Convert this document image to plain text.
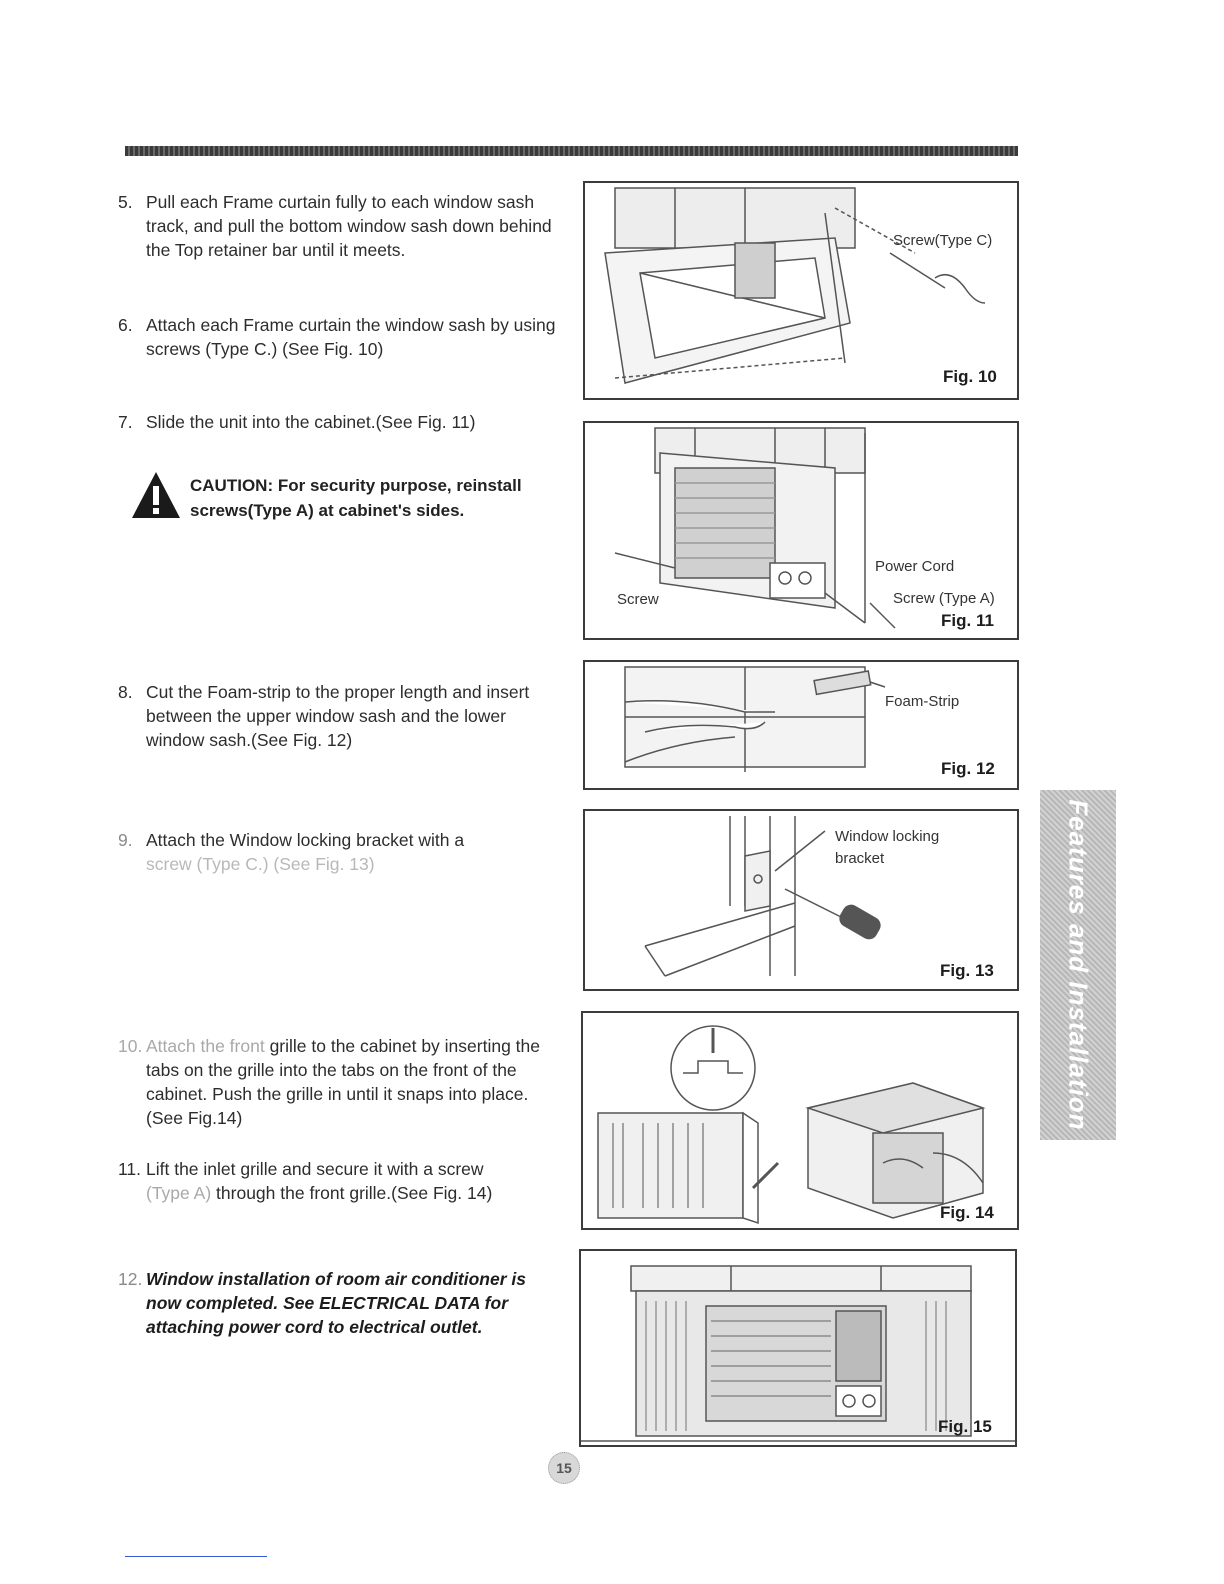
5. Pull each Frame curtain fully to each window sash track, and pull the bottom window sash down behind the Top retainer bar until it meets.
6. Attach each Frame curtain the window sash by using screws (Type C.) (See Fig. 10)
7. Slide the unit into the cabinet.(See Fig. 11)
CAUTION: For security purpose, reinstall screws(Type A) at cabinet's sides.
8. Cut the Foam-strip to the proper length and insert between the upper window sash and the lower window sash.(See Fig. 12)
9. Attach the Window locking bracket with a
screw (Type C.) (See Fig. 13)
10. Attach the front grille to the cabinet by inserting the tabs on the grille into the tabs on the front of the cabinet. Push the grille in until it snaps into place.(See Fig.14)
11. Lift the inlet grille and secure it with a screw
(Type A) through the front grille.(See Fig. 14)
12. Window installation of room air conditioner is now completed. See ELECTRICAL DATA for attaching power cord to electrical outlet.
Screw(Type C)
Fig. 10
Power Cord
Screw (Type A)
Screw
Fig. 11
Foam-Strip
Fig. 12
Window locking
bracket
Fig. 13
Fig. 14
Fig. 15
Features and Installation
15
